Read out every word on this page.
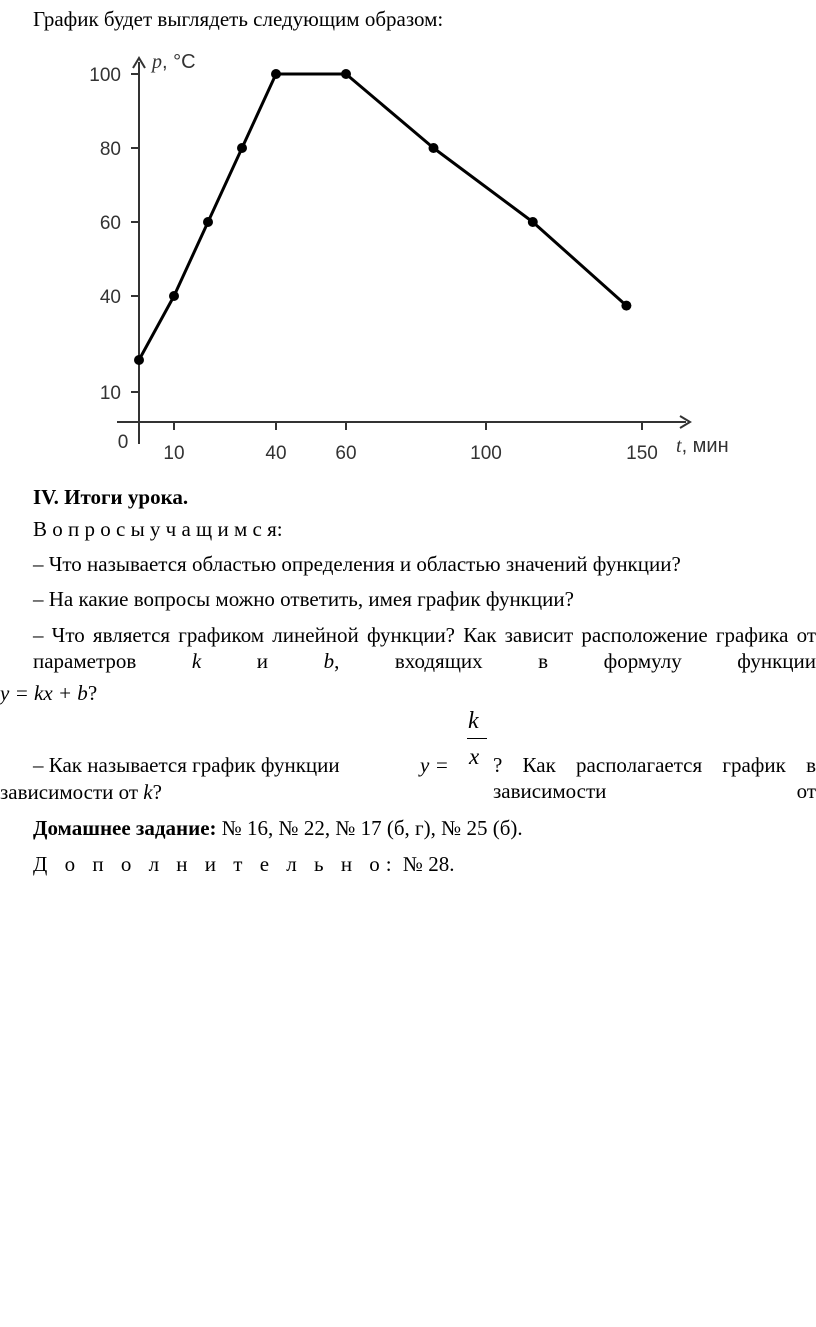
График будет выглядеть следующим образом:
10
40
60
80
100
10	40	60	100	150
0
p, °C
t, мин
IV. Итоги урока.
В о п р о с ы у ч а щ и м с я:
– Что называется областью определения и областью значений функции?
– На какие вопросы можно ответить, имея график функции?
– Что является графиком линейной функции? Как зависит расположение графика от параметров	k	и	b, входящих в формулу функции
y = kx + b?
k
x
– Как называется график функции	y = ? Как располагается график в зависимости от
зависимости от k?
Домашнее задание: № 16, № 22, № 17 (б, г), № 25 (б).
Д о п о л н и т е л ь н о: № 28.
